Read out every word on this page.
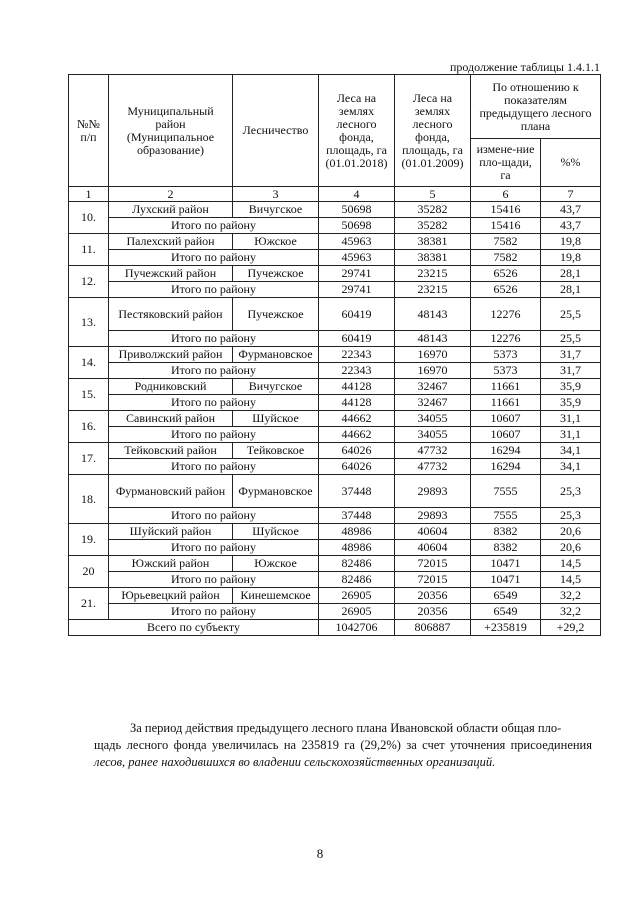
продолжение таблицы 1.4.1.1
№№ п/п	Муниципальный район (Муниципальное образование)	Лесничество	Леса на землях лесного фонда, площадь, га (01.01.2018)	Леса на землях лесного фонда, площадь, га (01.01.2009)	По отношению к показателям предыдущего лесного плана	
					измене-ние пло-щади, га	%%
1	2	3	4	5	6	7
10.	Лухский район	Вичугское	50698	35282	15416	43,7
	Итого по району		50698	35282	15416	43,7
11.	Палехский район	Южское	45963	38381	7582	19,8
	Итого по району		45963	38381	7582	19,8
12.	Пучежский район	Пучежское	29741	23215	6526	28,1
	Итого по району		29741	23215	6526	28,1
13.	Пестяковский район	Пучежское	60419	48143	12276	25,5
	Итого по району		60419	48143	12276	25,5
14.	Приволжский район	Фурмановское	22343	16970	5373	31,7
	Итого по району		22343	16970	5373	31,7
15.	Родниковский	Вичугское	44128	32467	11661	35,9
	Итого по району		44128	32467	11661	35,9
16.	Савинский район	Шуйское	44662	34055	10607	31,1
	Итого по району		44662	34055	10607	31,1
17.	Тейковский район	Тейковское	64026	47732	16294	34,1
	Итого по району		64026	47732	16294	34,1
18.	Фурмановский район	Фурмановское	37448	29893	7555	25,3
	Итого по району		37448	29893	7555	25,3
19.	Шуйский район	Шуйское	48986	40604	8382	20,6
	Итого по району		48986	40604	8382	20,6
20	Южский район	Южское	82486	72015	10471	14,5
	Итого по району		82486	72015	10471	14,5
21.	Юрьевецкий район	Кинешемское	26905	20356	6549	32,2
	Итого по району		26905	20356	6549	32,2
Всего по субъекту			1042706	806887	+235819	+29,2
За период действия предыдущего лесного плана Ивановской области общая пло-
щадь лесного фонда увеличилась на 235819 га (29,2%) за счет уточнения присоединения лесов, ранее находившихся во владении сельскохозяйственных организаций.
8
